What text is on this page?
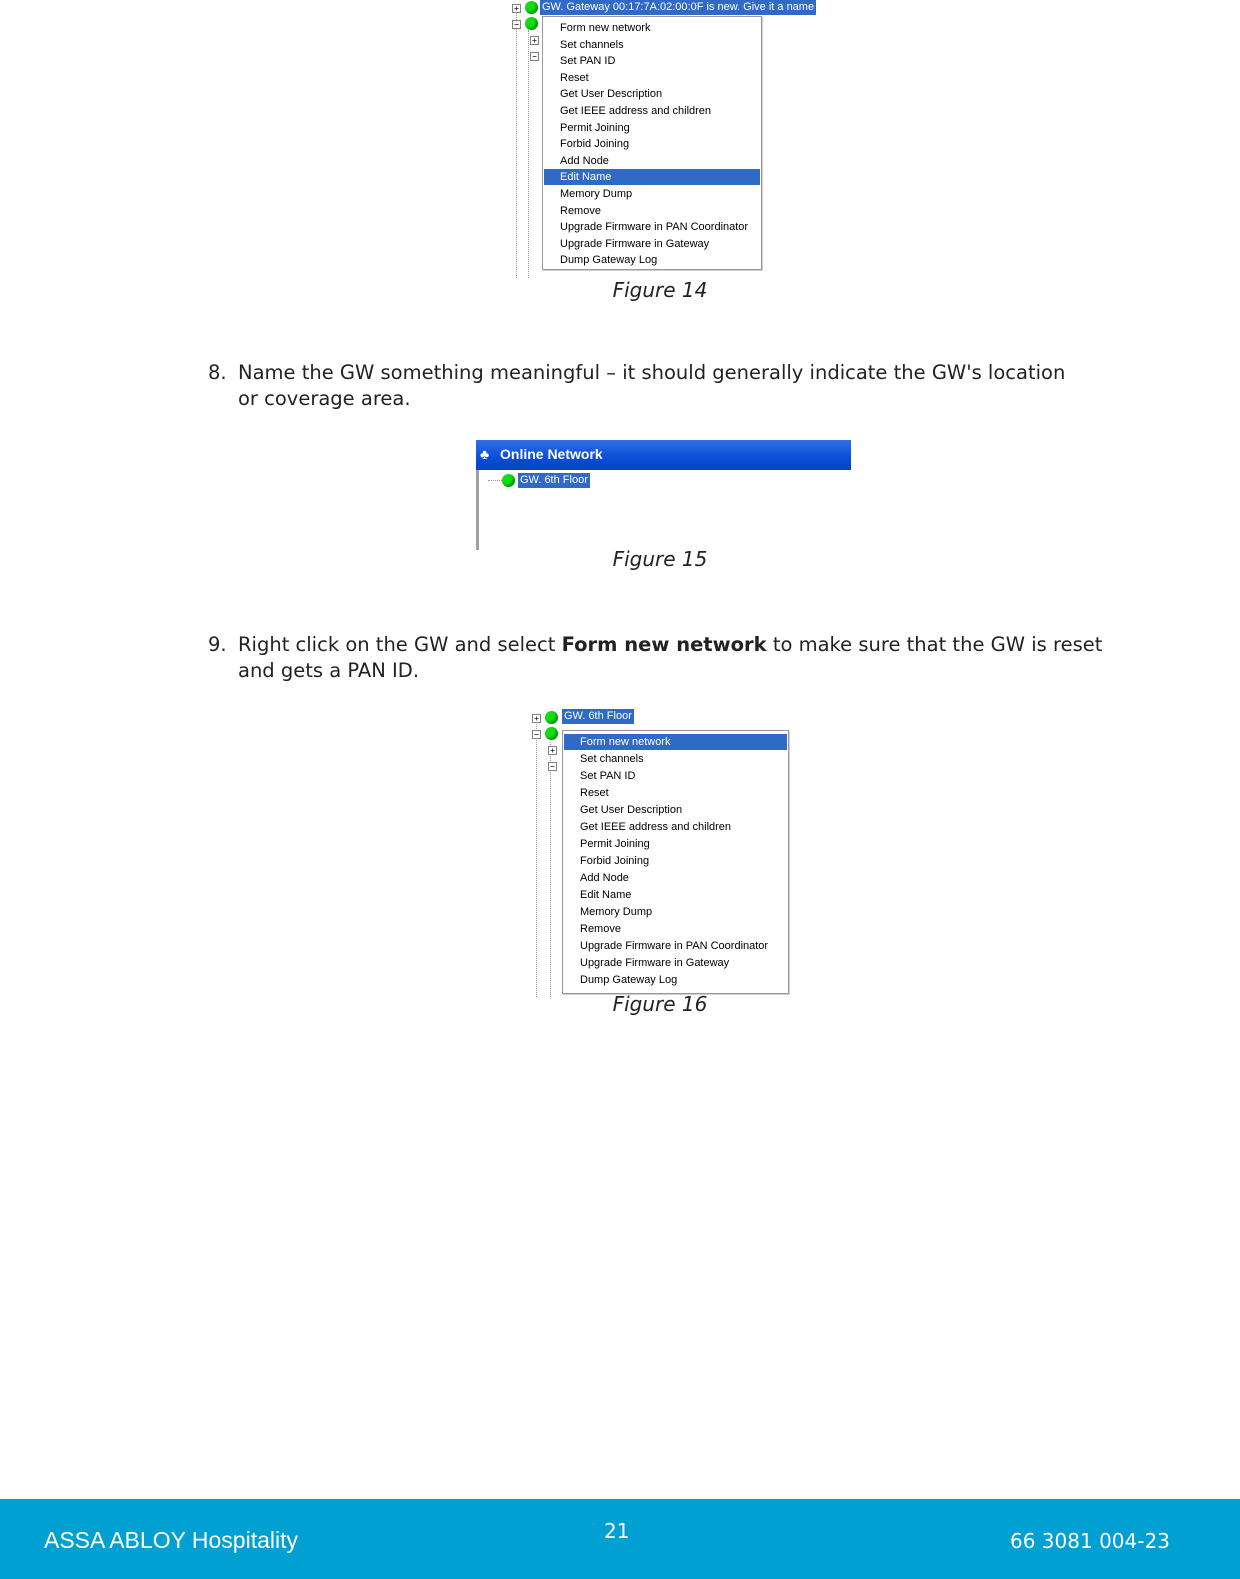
+ GW. Gateway 00:17:7A:02:00:0F is new. Give it a name
−
+
−
Form new network
Set channels
Set PAN ID
Reset
Get User Description
Get IEEE address and children
Permit Joining
Forbid Joining
Add Node
Edit Name
Memory Dump
Remove
Upgrade Firmware in PAN Coordinator
Upgrade Firmware in Gateway
Dump Gateway Log
Figure 14
8. Name the GW something meaningful – it should generally indicate the GW's location or coverage area.
♣ Online Network
GW. 6th Floor
Figure 15
9. Right click on the GW and select Form new network to make sure that the GW is reset and gets a PAN ID.
+ GW. 6th Floor
−
+
−
Form new network
Set channels
Set PAN ID
Reset
Get User Description
Get IEEE address and children
Permit Joining
Forbid Joining
Add Node
Edit Name
Memory Dump
Remove
Upgrade Firmware in PAN Coordinator
Upgrade Firmware in Gateway
Dump Gateway Log
Figure 16
ASSA ABLOY Hospitality	21	66 3081 004-23
